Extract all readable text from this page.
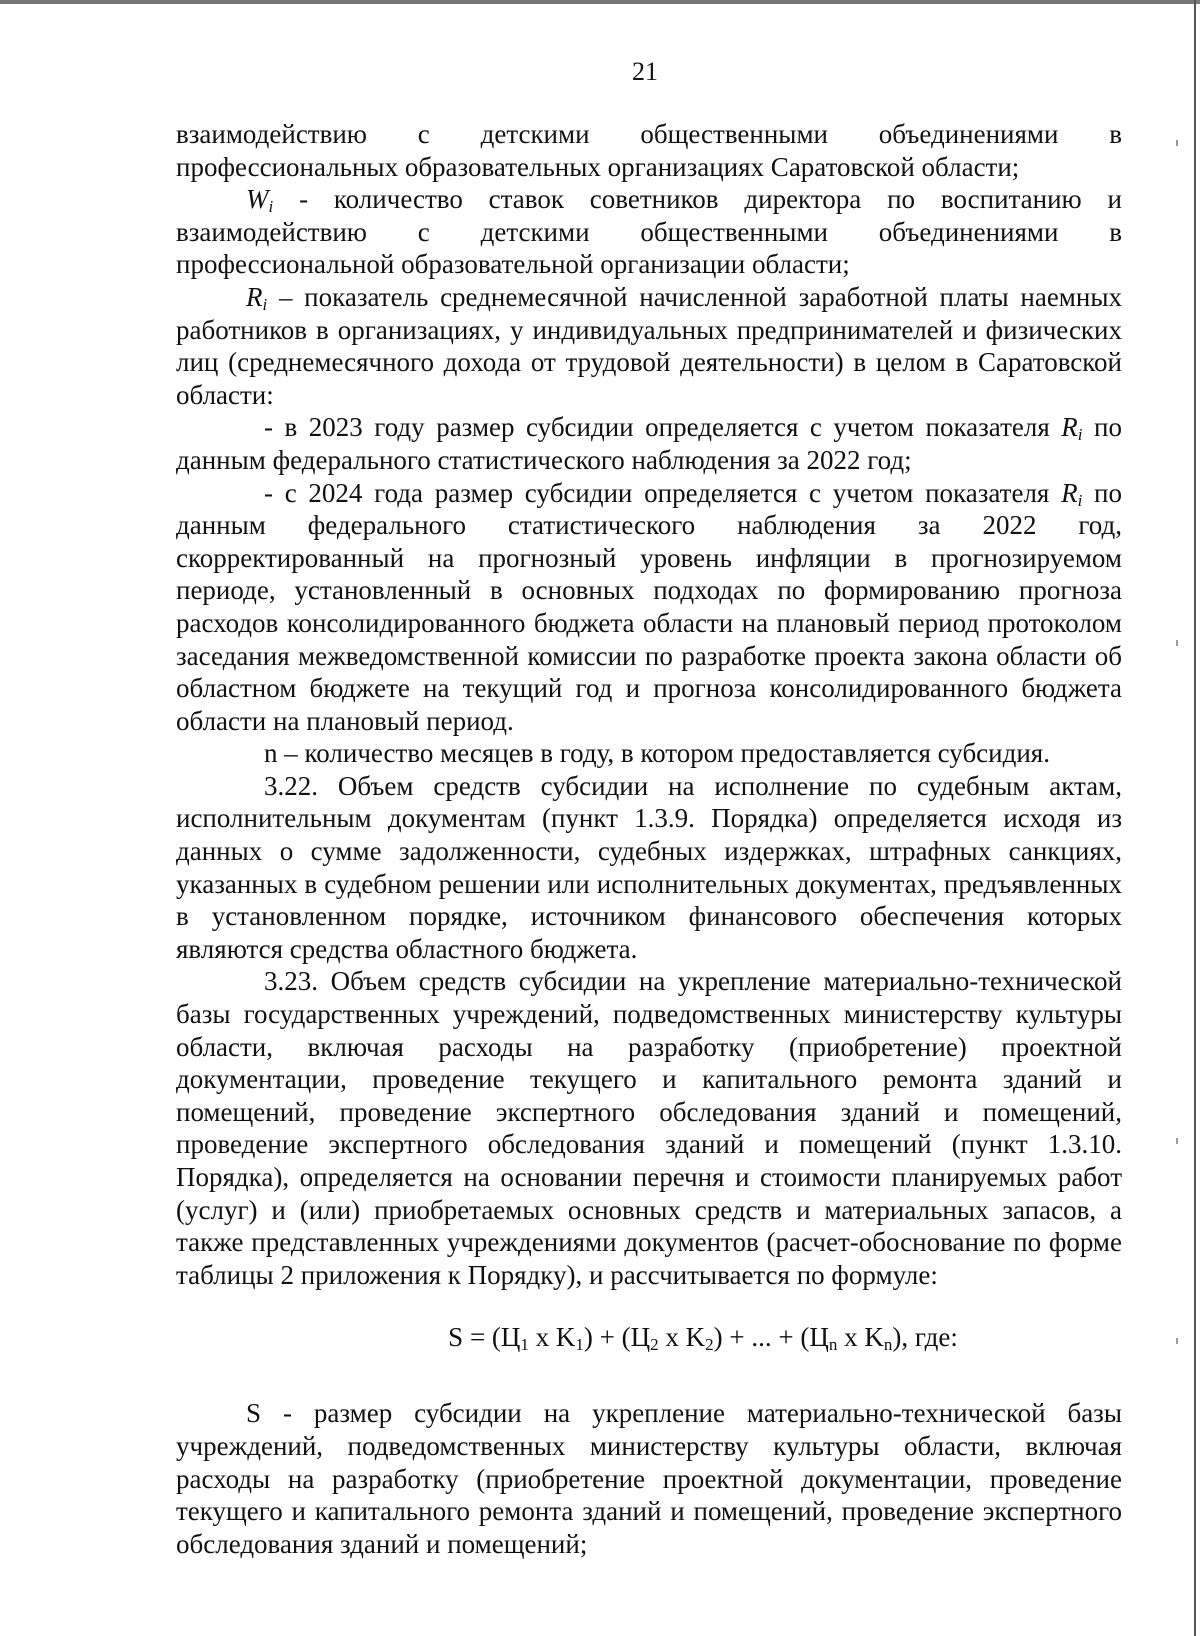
21

взаимодействию с детскими общественными объединениями в профессиональных образовательных организациях Саратовской области;

$W_i$ - количество ставок советников директора по воспитанию и взаимодействию с детскими общественными объединениями в профессиональной образовательной организации области;

$R_i$ – показатель среднемесячной начисленной заработной платы наемных работников в организациях, у индивидуальных предпринимателей и физических лиц (среднемесячного дохода от трудовой деятельности) в целом в Саратовской области:

- в 2023 году размер субсидии определяется с учетом показателя $R_i$ по данным федерального статистического наблюдения за 2022 год;

- с 2024 года размер субсидии определяется с учетом показателя $R_i$ по данным федерального статистического наблюдения за 2022 год, скорректированный на прогнозный уровень инфляции в прогнозируемом периоде, установленный в основных подходах по формированию прогноза расходов консолидированного бюджета области на плановый период протоколом заседания межведомственной комиссии по разработке проекта закона области об областном бюджете на текущий год и прогноза консолидированного бюджета области на плановый период.

n – количество месяцев в году, в котором предоставляется субсидия.

3.22. Объем средств субсидии на исполнение по судебным актам, исполнительным документам (пункт 1.3.9. Порядка) определяется исходя из данных о сумме задолженности, судебных издержках, штрафных санкциях, указанных в судебном решении или исполнительных документах, предъявленных в установленном порядке, источником финансового обеспечения которых являются средства областного бюджета.

3.23. Объем средств субсидии на укрепление материально-технической базы государственных учреждений, подведомственных министерству культуры области, включая расходы на разработку (приобретение) проектной документации, проведение текущего и капитального ремонта зданий и помещений, проведение экспертного обследования зданий и помещений, проведение экспертного обследования зданий и помещений (пункт 1.3.10. Порядка), определяется на основании перечня и стоимости планируемых работ (услуг) и (или) приобретаемых основных средств и материальных запасов, а также представленных учреждениями документов (расчет-обоснование по форме таблицы 2 приложения к Порядку), и рассчитывается по формуле:

$S = (Ц_1$ x $K_1) + (Ц_2$ x $K_2$) + ... + ($Ц_n$ x $K_n$), где:

S - размер субсидии на укрепление материально-технической базы учреждений, подведомственных министерству культуры области, включая расходы на разработку (приобретение проектной документации, проведение текущего и капитального ремонта зданий и помещений, проведение экспертного обследования зданий и помещений;
